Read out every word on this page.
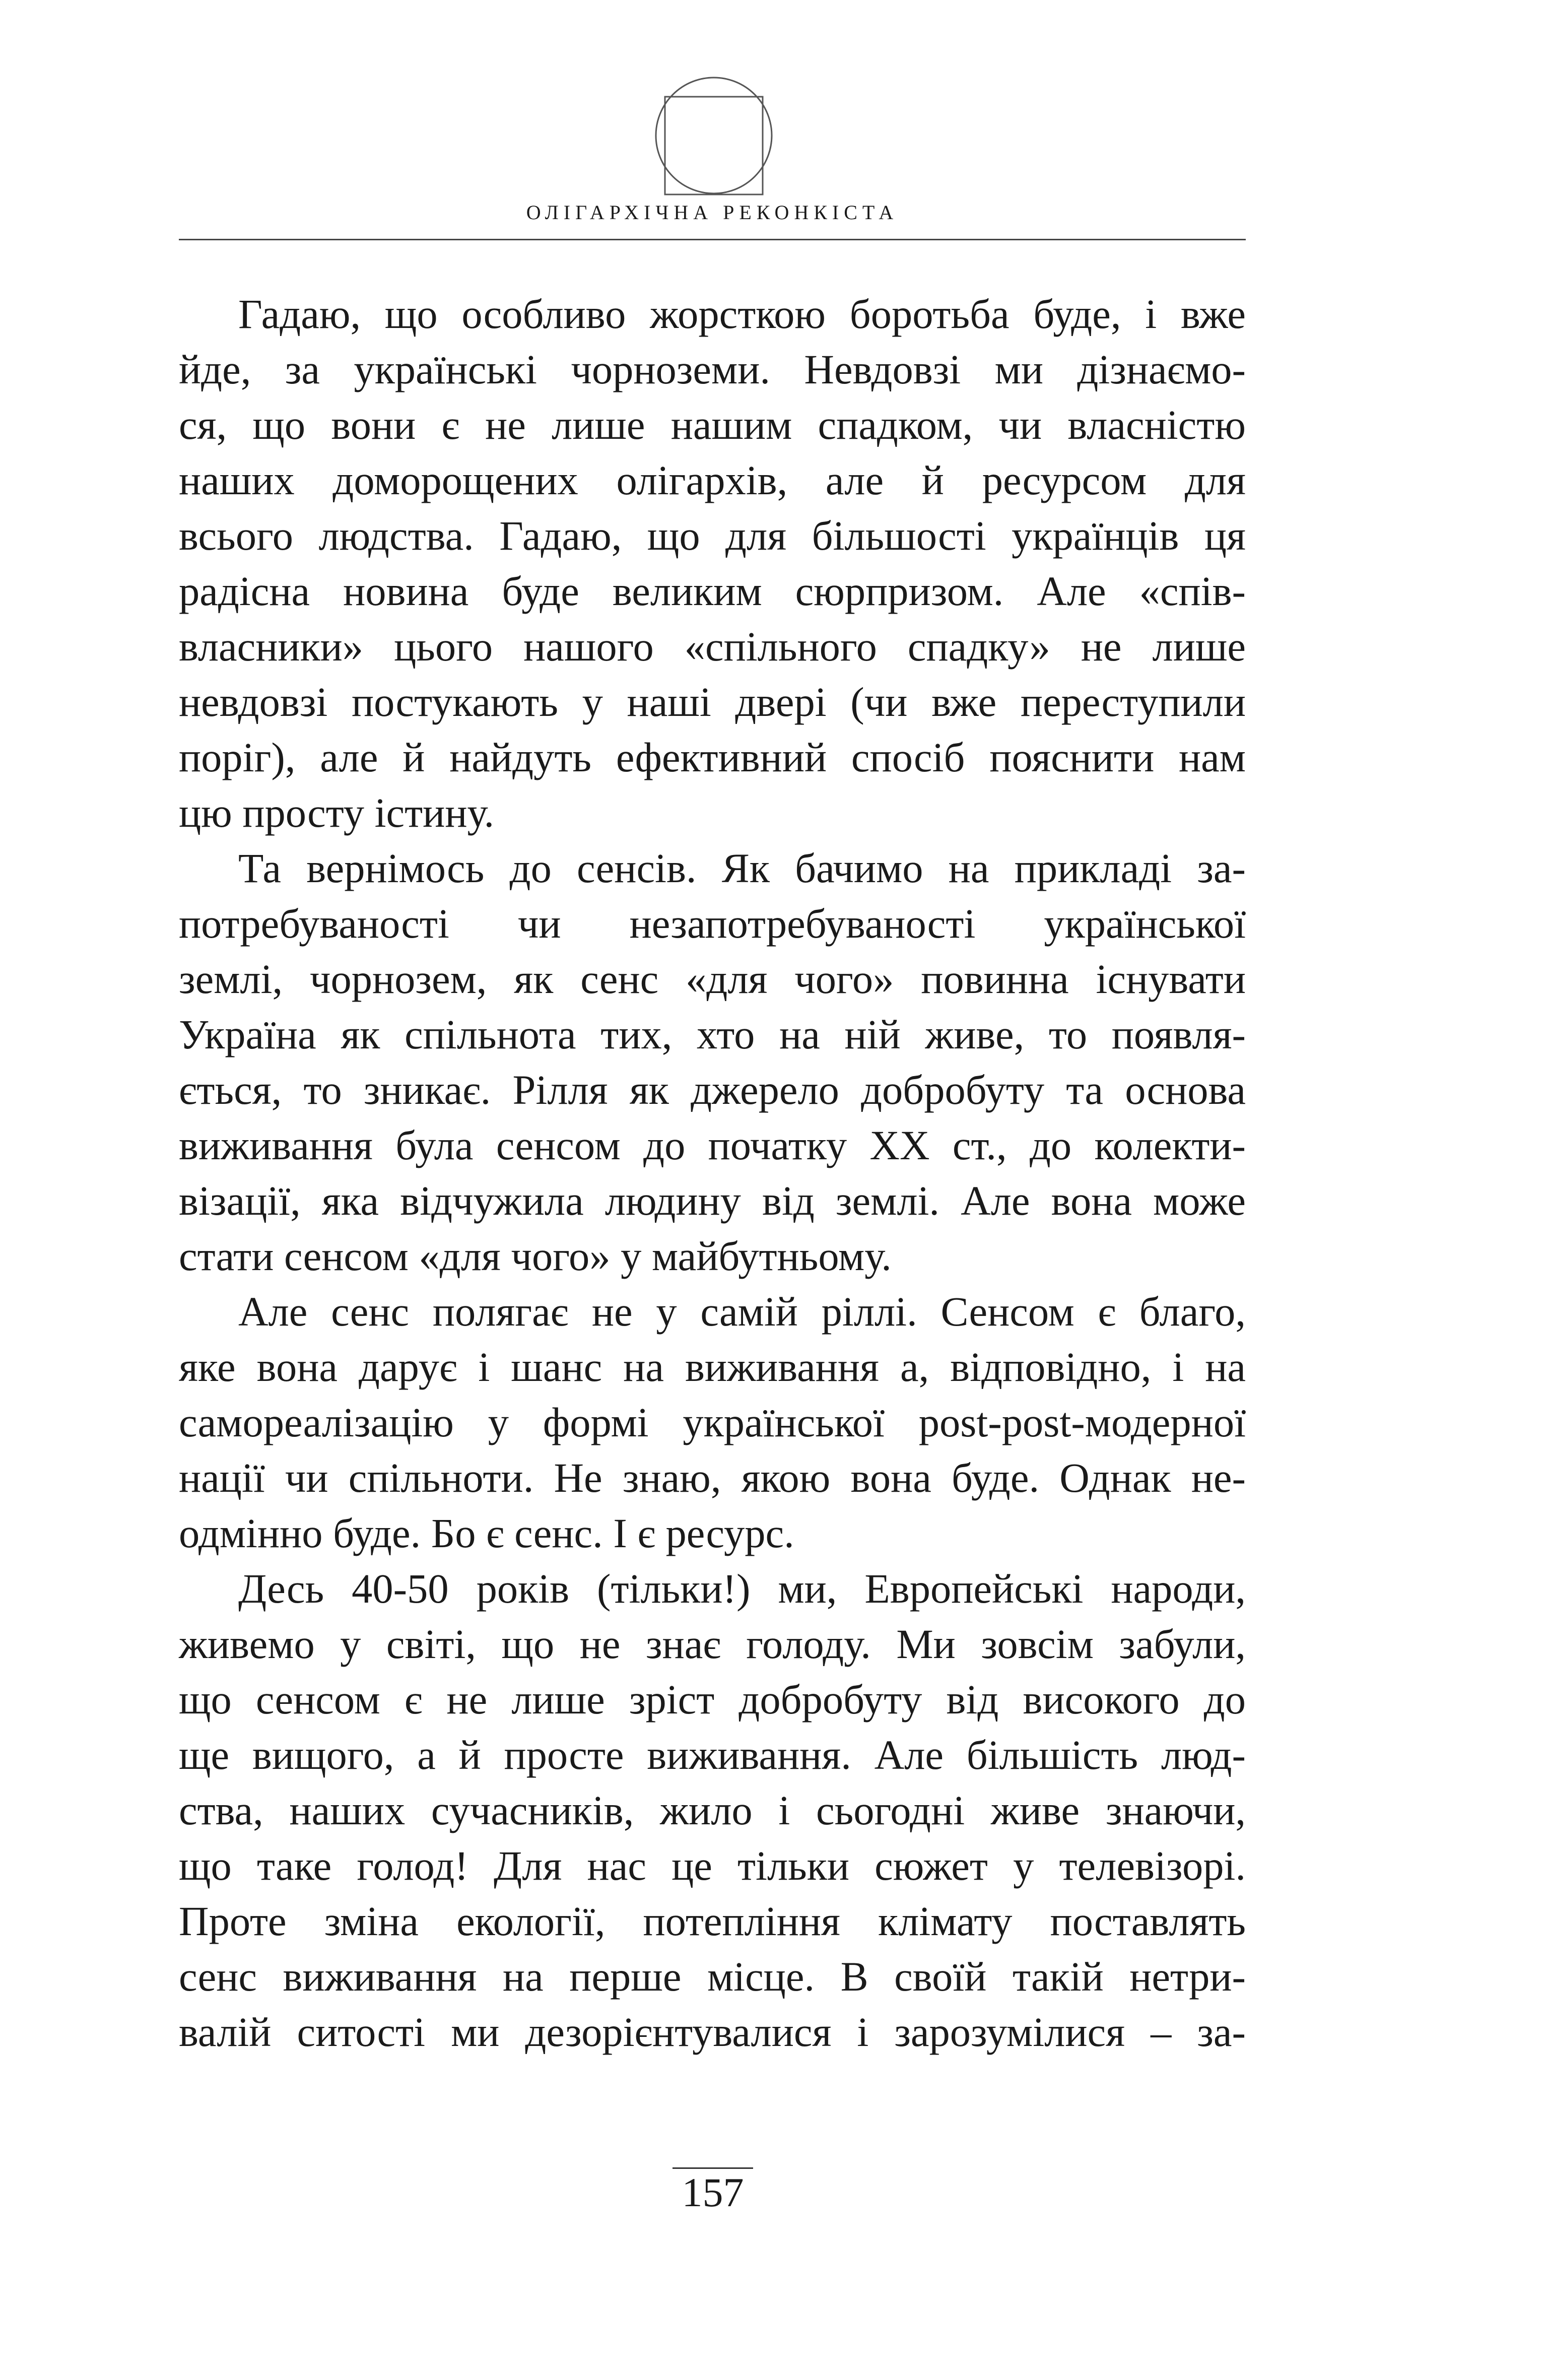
ОЛІГАРХІЧНА РЕКОНКІСТА

Гадаю, що особливо жорсткою боротьба буде, і вже
йде, за українські чорноземи. Невдовзі ми дізнаємо-
ся, що вони є не лише нашим спадком, чи власністю
наших доморощених олігархів, але й ресурсом для
всього людства. Гадаю, що для більшості українців ця
радісна новина буде великим сюрпризом. Але «спів-
власники» цього нашого «спільного спадку» не лише
невдовзі постукають у наші двері (чи вже переступили
поріг), але й найдуть ефективний спосіб пояснити нам
цю просту істину.

Та вернімось до сенсів. Як бачимо на прикладі за-
потребуваності чи незапотребуваності української
землі, чорнозем, як сенс «для чого» повинна існувати
Україна як спільнота тих, хто на ній живе, то появля-
ється, то зникає. Рілля як джерело добробуту та основа
виживання була сенсом до початку XX ст., до колекти-
візації, яка відчужила людину від землі. Але вона може
стати сенсом «для чого» у майбутньому.

Але сенс полягає не у самій ріллі. Сенсом є благо,
яке вона дарує і шанс на виживання а, відповідно, і на
самореалізацію у формі української post-post-модерної
нації чи спільноти. Не знаю, якою вона буде. Однак не-
одмінно буде. Бо є сенс. І є ресурс.

Десь 40-50 років (тільки!) ми, Европейські народи,
живемо у світі, що не знає голоду. Ми зовсім забули,
що сенсом є не лише зріст добробуту від високого до
ще вищого, а й просте виживання. Але більшість люд-
ства, наших сучасників, жило і сьогодні живе знаючи,
що таке голод! Для нас це тільки сюжет у телевізорі.
Проте зміна екології, потепління клімату поставлять
сенс виживання на перше місце. В своїй такій нетри-
валій ситості ми дезорієнтувалися і зарозумілися – за-

157
